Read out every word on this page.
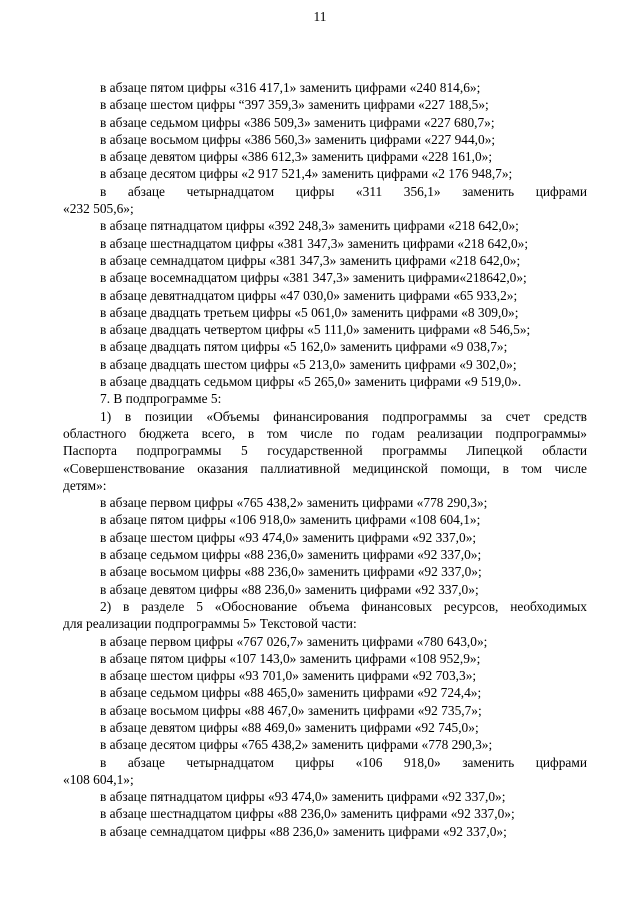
11
в абзаце пятом цифры «316 417,1» заменить цифрами «240 814,6»;
в абзаце шестом цифры “397 359,3» заменить цифрами «227 188,5»;
в абзаце седьмом цифры «386 509,3» заменить цифрами «227 680,7»;
в абзаце восьмом цифры «386 560,3» заменить цифрами «227 944,0»;
в абзаце девятом цифры «386 612,3» заменить цифрами «228 161,0»;
в абзаце десятом цифры «2 917 521,4» заменить цифрами «2 176 948,7»;
в абзаце четырнадцатом цифры «311 356,1» заменить цифрами
«232 505,6»;
в абзаце пятнадцатом цифры «392 248,3» заменить цифрами «218 642,0»;
в абзаце шестнадцатом цифры «381 347,3» заменить цифрами «218 642,0»;
в абзаце семнадцатом цифры «381 347,3» заменить цифрами «218 642,0»;
в абзаце восемнадцатом цифры «381 347,3» заменить цифрами«218642,0»;
в абзаце девятнадцатом цифры «47 030,0» заменить цифрами «65 933,2»;
в абзаце двадцать третьем цифры «5 061,0» заменить цифрами «8 309,0»;
в абзаце двадцать четвертом цифры «5 111,0» заменить цифрами «8 546,5»;
в абзаце двадцать пятом цифры «5 162,0» заменить цифрами «9 038,7»;
в абзаце двадцать шестом цифры «5 213,0» заменить цифрами «9 302,0»;
в абзаце двадцать седьмом цифры «5 265,0» заменить цифрами «9 519,0».
7. В подпрограмме 5:
1) в позиции «Объемы финансирования подпрограммы за счет средств
областного бюджета всего, в том числе по годам реализации подпрограммы»
Паспорта подпрограммы 5 государственной программы Липецкой области
«Совершенствование оказания паллиативной медицинской помощи, в том числе
детям»:
в абзаце первом цифры «765 438,2» заменить цифрами «778 290,3»;
в абзаце пятом цифры «106 918,0» заменить цифрами «108 604,1»;
в абзаце шестом цифры «93 474,0» заменить цифрами «92 337,0»;
в абзаце седьмом цифры «88 236,0» заменить цифрами «92 337,0»;
в абзаце восьмом цифры «88 236,0» заменить цифрами «92 337,0»;
в абзаце девятом цифры «88 236,0» заменить цифрами «92 337,0»;
2) в разделе 5 «Обоснование объема финансовых ресурсов, необходимых
для реализации подпрограммы 5» Текстовой части:
в абзаце первом цифры «767 026,7» заменить цифрами «780 643,0»;
в абзаце пятом цифры «107 143,0» заменить цифрами «108 952,9»;
в абзаце шестом цифры «93 701,0» заменить цифрами «92 703,3»;
в абзаце седьмом цифры «88 465,0» заменить цифрами «92 724,4»;
в абзаце восьмом цифры «88 467,0» заменить цифрами «92 735,7»;
в абзаце девятом цифры «88 469,0» заменить цифрами «92 745,0»;
в абзаце десятом цифры «765 438,2» заменить цифрами «778 290,3»;
в абзаце четырнадцатом цифры «106 918,0» заменить цифрами
«108 604,1»;
в абзаце пятнадцатом цифры «93 474,0» заменить цифрами «92 337,0»;
в абзаце шестнадцатом цифры «88 236,0» заменить цифрами «92 337,0»;
в абзаце семнадцатом цифры «88 236,0» заменить цифрами «92 337,0»;
